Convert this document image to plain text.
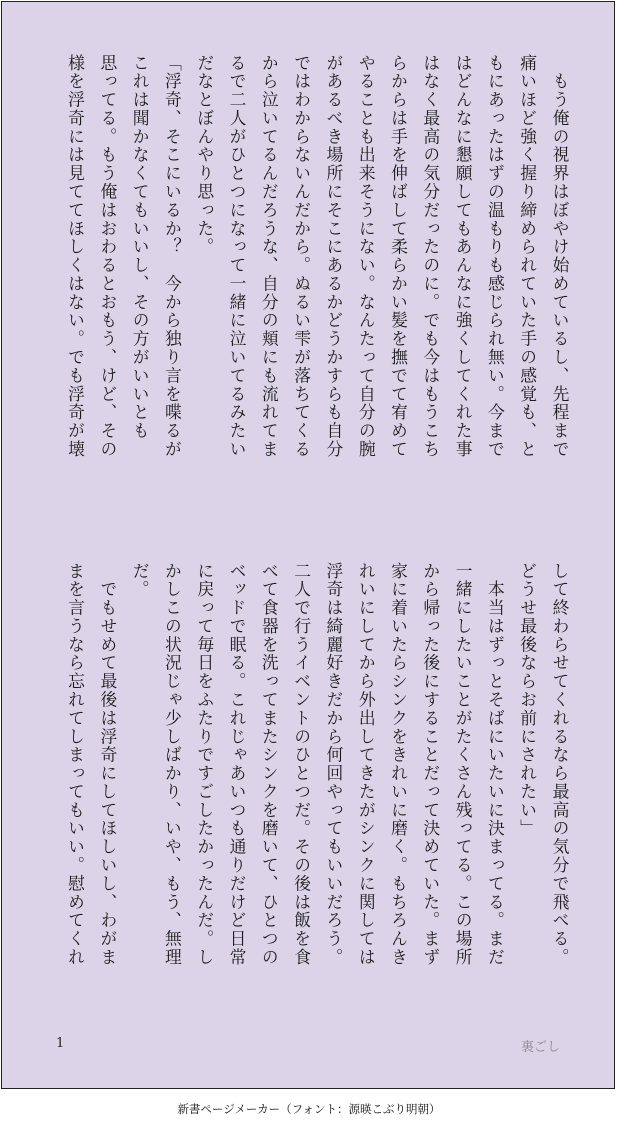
　もう俺の視界はぼやけ始めているし、先程まで
痛いほど強く握り締められていた手の感覚も、と
もにあったはずの温もりも感じられ無い。今まで
はどんなに懇願してもあんなに強くしてくれた事
はなく最高の気分だったのに。でも今はもうこち
らからは手を伸ばして柔らかい髪を撫でて宥めて
やることも出来そうにない。なんたって自分の腕
があるべき場所にそこにあるかどうかすらも自分
ではわからないんだから。ぬるい雫が落ちてくる
から泣いてるんだろうな、自分の頬にも流れてま
るで二人がひとつになって一緒に泣いてるみたい
だなとぼんやり思った。
「浮奇、そこにいるか？　今から独り言を喋るが
これは聞かなくてもいいし、その方がいいとも
思ってる。もう俺はおわるとおもう、けど、その
様を浮奇には見ててほしくはない。でも浮奇が壊
して終わらせてくれるなら最高の気分で飛べる。
どうせ最後ならお前にされたい」
　本当はずっとそばにいたいに決まってる。まだ
一緒にしたいことがたくさん残ってる。この場所
から帰った後にすることだって決めていた。まず
家に着いたらシンクをきれいに磨く。もちろんき
れいにしてから外出してきたがシンクに関しては
浮奇は綺麗好きだから何回やってもいいだろう。
二人で行うイベントのひとつだ。その後は飯を食
べて食器を洗ってまたシンクを磨いて、ひとつの
ベッドで眠る。これじゃあいつも通りだけど日常
に戻って毎日をふたりですごしたかったんだ。し
かしこの状況じゃ少しばかり、いや、もう、無理
だ。
　でもせめて最後は浮奇にしてほしいし、わがま
まを言うなら忘れてしまってもいい。慰めてくれ
1	裏ごし
新書ページメーカー（フォント：源暎こぶり明朝）
